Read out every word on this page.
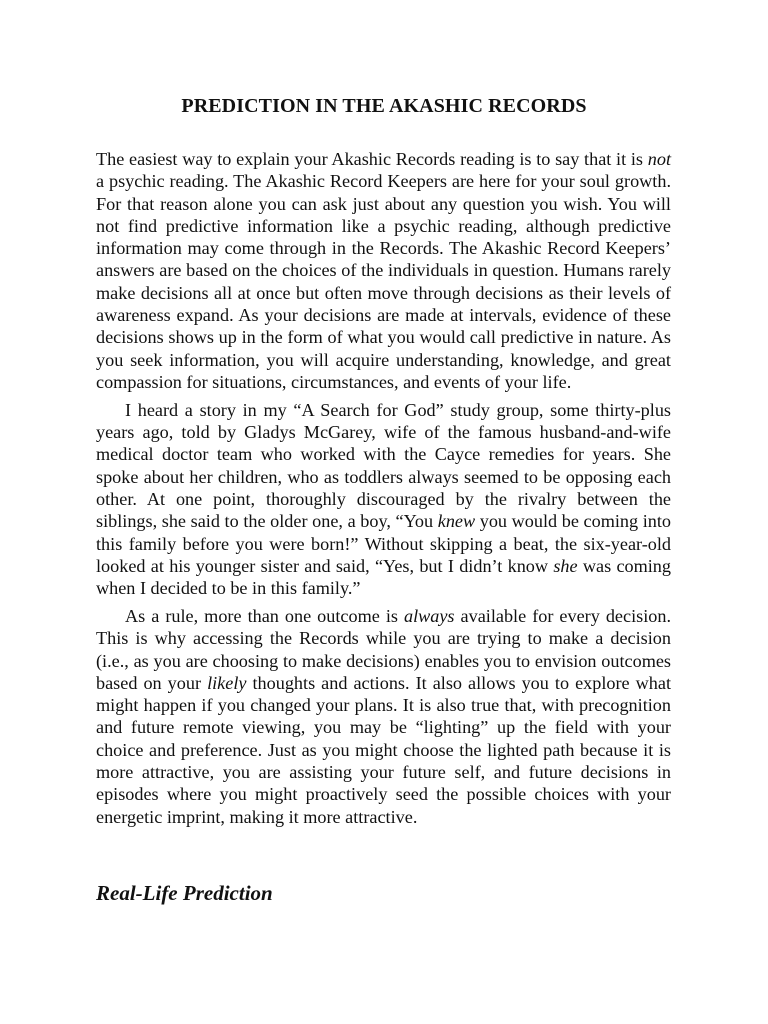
PREDICTION IN THE AKASHIC RECORDS

The easiest way to explain your Akashic Records reading is to say that it is not a psychic reading. The Akashic Record Keepers are here for your soul growth. For that reason alone you can ask just about any question you wish. You will not find predictive information like a psychic reading, although predictive information may come through in the Records. The Akashic Record Keepers’ answers are based on the choices of the individuals in question. Humans rarely make decisions all at once but often move through decisions as their levels of awareness expand. As your decisions are made at intervals, evidence of these decisions shows up in the form of what you would call predictive in nature. As you seek information, you will acquire understanding, knowledge, and great compassion for situations, circumstances, and events of your life.

I heard a story in my “A Search for God” study group, some thirty-plus years ago, told by Gladys McGarey, wife of the famous husband-and-wife medical doctor team who worked with the Cayce remedies for years. She spoke about her children, who as toddlers always seemed to be opposing each other. At one point, thoroughly discouraged by the rivalry between the siblings, she said to the older one, a boy, “You knew you would be coming into this family before you were born!” Without skipping a beat, the six-year-old looked at his younger sister and said, “Yes, but I didn’t know she was coming when I decided to be in this family.”

As a rule, more than one outcome is always available for every decision. This is why accessing the Records while you are trying to make a decision (i.e., as you are choosing to make decisions) enables you to envision outcomes based on your likely thoughts and actions. It also allows you to explore what might happen if you changed your plans. It is also true that, with precognition and future remote viewing, you may be “lighting” up the field with your choice and preference. Just as you might choose the lighted path because it is more attractive, you are assisting your future self, and future decisions in episodes where you might proactively seed the possible choices with your energetic imprint, making it more attractive.

Real-Life Prediction
